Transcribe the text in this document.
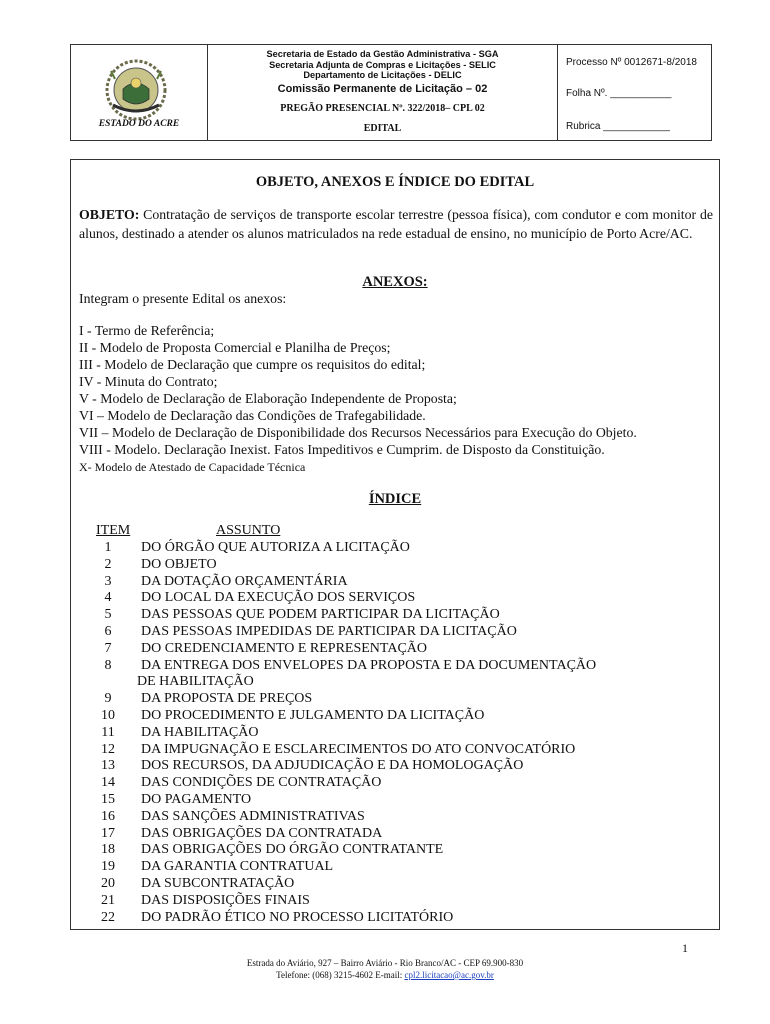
ESTADO DO ACRE
Secretaria de Estado da Gestão Administrativa - SGA
Secretaria Adjunta de Compras e Licitações - SELIC
Departamento de Licitações - DELIC
Comissão Permanente de Licitação – 02
PREGÃO PRESENCIAL Nº. 322/2018– CPL 02
EDITAL
Processo Nº 0012671-8/2018
Folha Nº. ___________
Rubrica ____________
OBJETO, ANEXOS E ÍNDICE DO EDITAL
OBJETO: Contratação de serviços de transporte escolar terrestre (pessoa física), com condutor e com monitor de alunos, destinado a atender os alunos matriculados na rede estadual de ensino, no município de Porto Acre/AC.
ANEXOS:
Integram o presente Edital os anexos:
I - Termo de Referência;
II - Modelo de Proposta Comercial e Planilha de Preços;
III - Modelo de Declaração que cumpre os requisitos do edital;
IV - Minuta do Contrato;
V - Modelo de Declaração de Elaboração Independente de Proposta;
VI – Modelo de Declaração das Condições de Trafegabilidade.
VII – Modelo de Declaração de Disponibilidade dos Recursos Necessários para Execução do Objeto.
VIII - Modelo. Declaração Inexist. Fatos Impeditivos e Cumprim. de Disposto da Constituição.
X- Modelo de Atestado de Capacidade Técnica
ÍNDICE
ITEM	ASSUNTO
1	DO ÓRGÃO QUE AUTORIZA A LICITAÇÃO
2	DO OBJETO
3	DA DOTAÇÃO ORÇAMENTÁRIA
4	DO LOCAL DA EXECUÇÃO DOS SERVIÇOS
5	DAS PESSOAS QUE PODEM PARTICIPAR DA LICITAÇÃO
6	DAS PESSOAS IMPEDIDAS DE PARTICIPAR DA LICITAÇÃO
7	DO CREDENCIAMENTO E REPRESENTAÇÃO
8	DA ENTREGA DOS ENVELOPES DA PROPOSTA E DA DOCUMENTAÇÃO
DE HABILITAÇÃO
9	DA PROPOSTA DE PREÇOS
10	DO PROCEDIMENTO E JULGAMENTO DA LICITAÇÃO
11	DA HABILITAÇÃO
12	DA IMPUGNAÇÃO E ESCLARECIMENTOS DO ATO CONVOCATÓRIO
13	DOS RECURSOS, DA ADJUDICAÇÃO E DA HOMOLOGAÇÃO
14	DAS CONDIÇÕES DE CONTRATAÇÃO
15	DO PAGAMENTO
16	DAS SANÇÕES ADMINISTRATIVAS
17	DAS OBRIGAÇÕES DA CONTRATADA
18	DAS OBRIGAÇÕES DO ÓRGÃO CONTRATANTE
19	DA GARANTIA CONTRATUAL
20	DA SUBCONTRATAÇÃO
21	DAS DISPOSIÇÕES FINAIS
22	DO PADRÃO ÉTICO NO PROCESSO LICITATÓRIO
1
Estrada do Aviário, 927 – Bairro Aviário - Rio Branco/AC - CEP 69.900-830
Telefone: (068) 3215-4602 E-mail: cpl2.licitacao@ac.gov.br
